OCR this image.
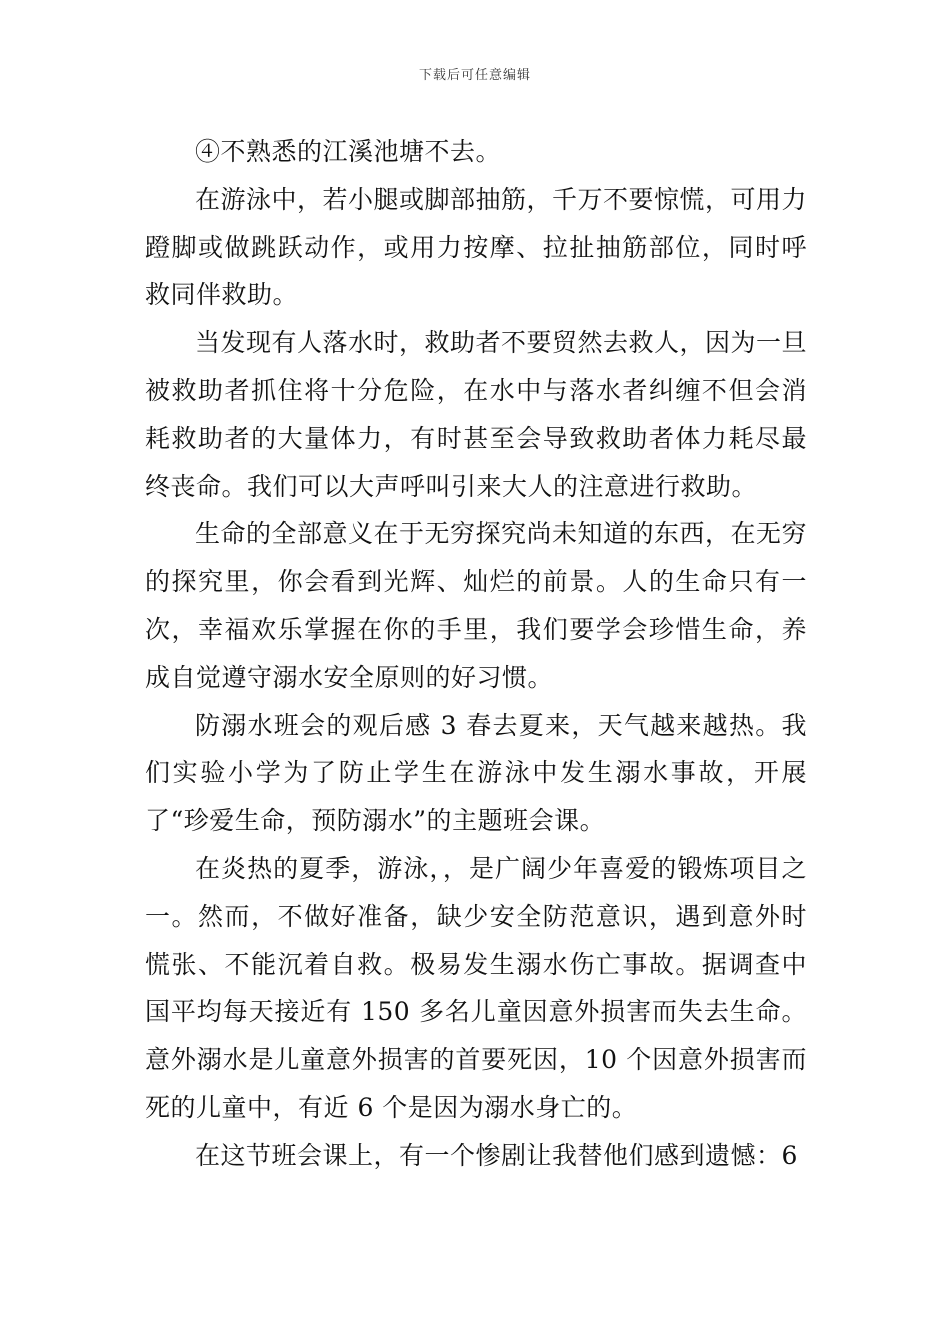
下载后可任意编辑

④不熟悉的江溪池塘不去。

在游泳中，若小腿或脚部抽筋，千万不要惊慌，可用力蹬脚或做跳跃动作，或用力按摩、拉扯抽筋部位，同时呼救同伴救助。

当发现有人落水时，救助者不要贸然去救人，因为一旦被救助者抓住将十分危险，在水中与落水者纠缠不但会消耗救助者的大量体力，有时甚至会导致救助者体力耗尽最终丧命。我们可以大声呼叫引来大人的注意进行救助。

生命的全部意义在于无穷探究尚未知道的东西，在无穷的探究里，你会看到光辉、灿烂的前景。人的生命只有一次，幸福欢乐掌握在你的手里，我们要学会珍惜生命，养成自觉遵守溺水安全原则的好习惯。

防溺水班会的观后感 3 春去夏来，天气越来越热。我们实验小学为了防止学生在游泳中发生溺水事故，开展了“珍爱生命，预防溺水”的主题班会课。

在炎热的夏季，游泳，，是广阔少年喜爱的锻炼项目之一。然而，不做好准备，缺少安全防范意识，遇到意外时慌张、不能沉着自救。极易发生溺水伤亡事故。据调查中国平均每天接近有 150 多名儿童因意外损害而失去生命。意外溺水是儿童意外损害的首要死因，10 个因意外损害而死的儿童中，有近 6 个是因为溺水身亡的。

在这节班会课上，有一个惨剧让我替他们感到遗憾：6
